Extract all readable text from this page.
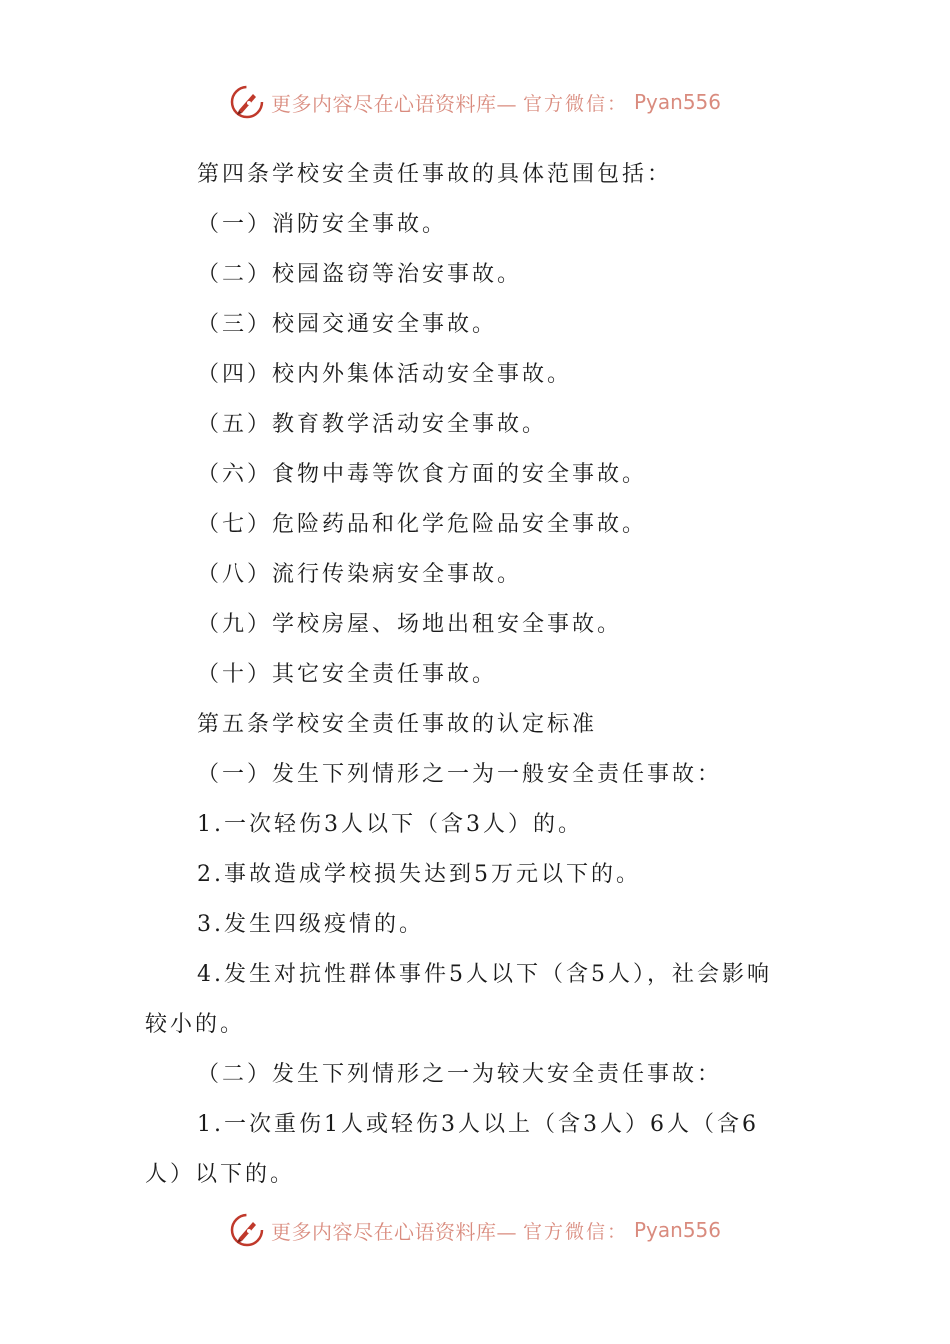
更多内容尽在心语资料库— 官方微信： Pyan556
第四条学校安全责任事故的具体范围包括：
（一）消防安全事故。
（二）校园盗窃等治安事故。
（三）校园交通安全事故。
（四）校内外集体活动安全事故。
（五）教育教学活动安全事故。
（六）食物中毒等饮食方面的安全事故。
（七）危险药品和化学危险品安全事故。
（八）流行传染病安全事故。
（九）学校房屋、场地出租安全事故。
（十）其它安全责任事故。
第五条学校安全责任事故的认定标准
（一）发生下列情形之一为一般安全责任事故：
1.一次轻伤3人以下（含3人）的。
2.事故造成学校损失达到5万元以下的。
3.发生四级疫情的。
4.发生对抗性群体事件5人以下（含5人），社会影响
较小的。
（二）发生下列情形之一为较大安全责任事故：
1.一次重伤1人或轻伤3人以上（含3人）6人（含6
人）以下的。
更多内容尽在心语资料库— 官方微信： Pyan556
